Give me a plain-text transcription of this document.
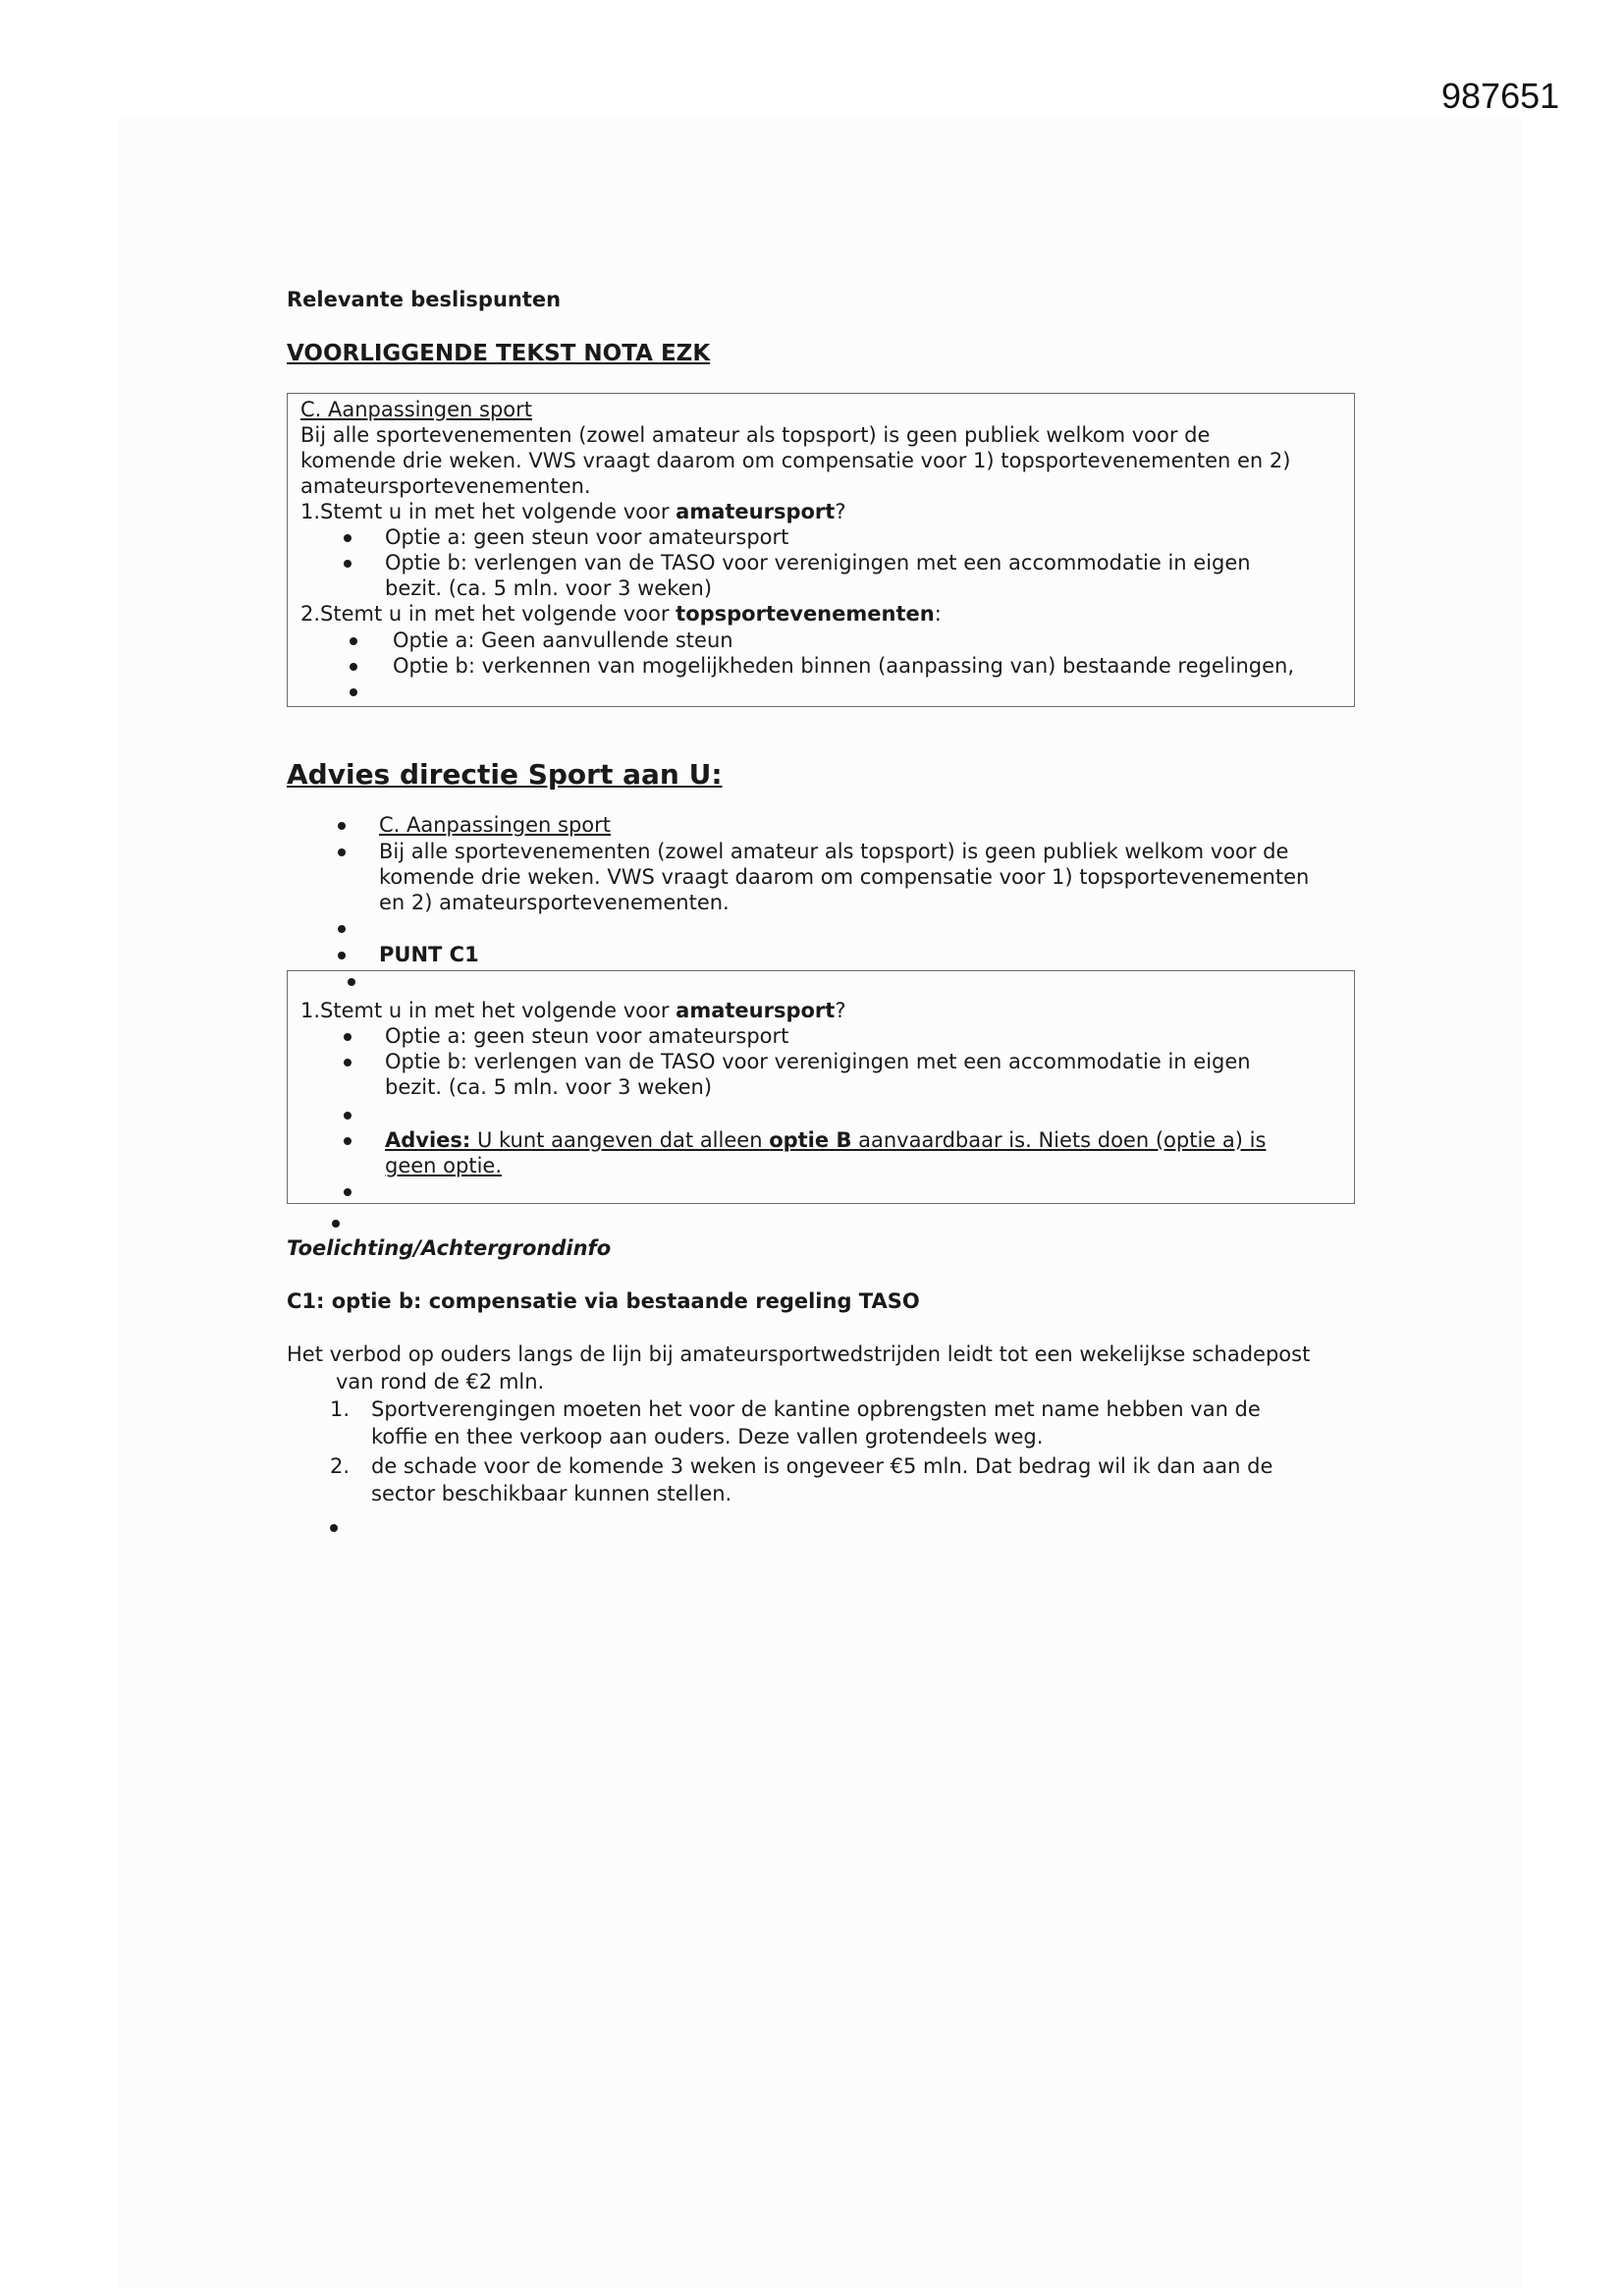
987651
Relevante beslispunten
VOORLIGGENDE TEKST NOTA EZK
C. Aanpassingen sport
Bij alle sportevenementen (zowel amateur als topsport) is geen publiek welkom voor de
komende drie weken. VWS vraagt daarom om compensatie voor 1) topsportevenementen en 2)
amateursportevenementen.
1.Stemt u in met het volgende voor amateursport?
Optie a: geen steun voor amateursport
Optie b: verlengen van de TASO voor verenigingen met een accommodatie in eigen
bezit. (ca. 5 mln. voor 3 weken)
2.Stemt u in met het volgende voor topsportevenementen:
Optie a: Geen aanvullende steun
Optie b: verkennen van mogelijkheden binnen (aanpassing van) bestaande regelingen,
Advies directie Sport aan U:
C. Aanpassingen sport
Bij alle sportevenementen (zowel amateur als topsport) is geen publiek welkom voor de
komende drie weken. VWS vraagt daarom om compensatie voor 1) topsportevenementen
en 2) amateursportevenementen.
PUNT C1
1.Stemt u in met het volgende voor amateursport?
Optie a: geen steun voor amateursport
Optie b: verlengen van de TASO voor verenigingen met een accommodatie in eigen
bezit. (ca. 5 mln. voor 3 weken)
Advies: U kunt aangeven dat alleen optie B aanvaardbaar is. Niets doen (optie a) is
geen optie.
Toelichting/Achtergrondinfo
C1: optie b: compensatie via bestaande regeling TASO
Het verbod op ouders langs de lijn bij amateursportwedstrijden leidt tot een wekelijkse schadepost
van rond de €2 mln.
1. Sportverengingen moeten het voor de kantine opbrengsten met name hebben van de
koffie en thee verkoop aan ouders. Deze vallen grotendeels weg.
2. de schade voor de komende 3 weken is ongeveer €5 mln. Dat bedrag wil ik dan aan de
sector beschikbaar kunnen stellen.
